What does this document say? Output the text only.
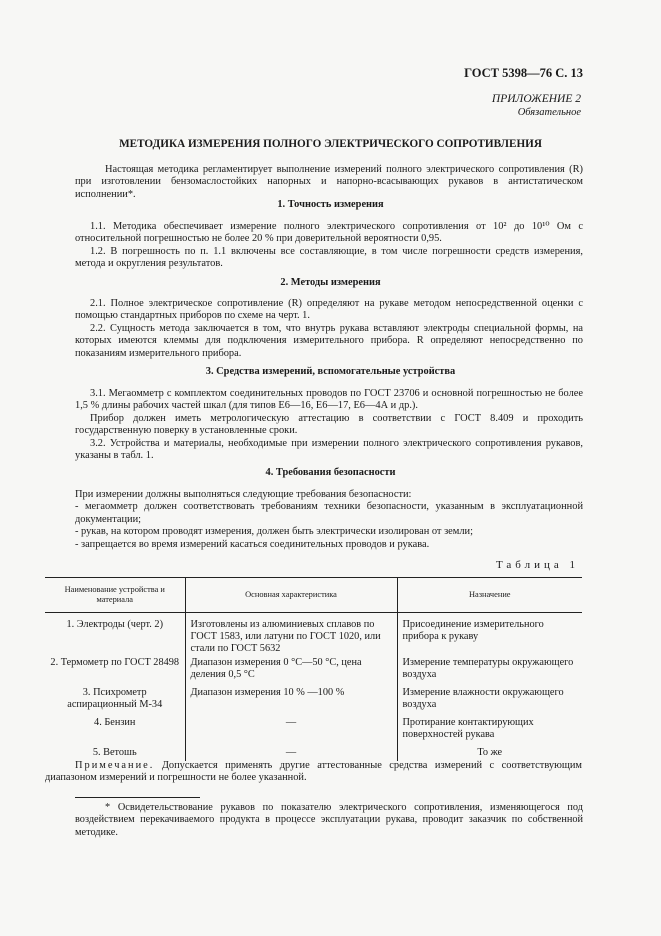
ГОСТ 5398—76 С. 13
ПРИЛОЖЕНИЕ 2
Обязательное
МЕТОДИКА ИЗМЕРЕНИЯ ПОЛНОГО ЭЛЕКТРИЧЕСКОГО СОПРОТИВЛЕНИЯ

Настоящая методика регламентирует выполнение измерений полного электрического сопротивления (R) при изготовлении бензомаслостойких напорных и напорно-всасывающих рукавов в антистатическом исполнении*.

1. Точность измерения

1.1. Методика обеспечивает измерение полного электрического сопротивления от 10² до 10¹⁰ Ом с относительной погрешностью не более 20 % при доверительной вероятности 0,95.

1.2. В погрешность по п. 1.1 включены все составляющие, в том числе погрешности средств измерения, метода и округления результатов.

2. Методы измерения

2.1. Полное электрическое сопротивление (R) определяют на рукаве методом непосредственной оценки с помощью стандартных приборов по схеме на черт. 1.

2.2. Сущность метода заключается в том, что внутрь рукава вставляют электроды специальной формы, на которых имеются клеммы для подключения измерительного прибора. R определяют непосредственно по показаниям измерительного прибора.

3. Средства измерений, вспомогательные устройства

3.1. Мегаомметр с комплектом соединительных проводов по ГОСТ 23706 и основной погрешностью не более 1,5 % длины рабочих частей шкал (для типов Е6—16, Е6—17, Е6—4А и др.).

Прибор должен иметь метрологическую аттестацию в соответствии с ГОСТ 8.409 и проходить государственную поверку в установленные сроки.

3.2. Устройства и материалы, необходимые при измерении полного электрического сопротивления рукавов, указаны в табл. 1.

4. Требования безопасности

При измерении должны выполняться следующие требования безопасности:

- мегаомметр должен соответствовать требованиям техники безопасности, указанным в эксплуатационной документации;

- рукав, на котором проводят измерения, должен быть электрически изолирован от земли;

- запрещается во время измерений касаться соединительных проводов и рукава.

Таблица 1
Наименование устройства и материала	Основная характеристика	Назначение
1. Электроды (черт. 2)	Изготовлены из алюминиевых сплавов по ГОСТ 1583, или латуни по ГОСТ 1020, или стали по ГОСТ 5632	Присоединение измерительного прибора к рукаву
2. Термометр по ГОСТ 28498	Диапазон измерения 0 °С—50 °С, цена деления 0,5 °С	Измерение температуры окружающего воздуха
3. Психрометр аспирационный М-34	Диапазон измерения 10 % —100 %	Измерение влажности окружающего воздуха
4. Бензин	—	Протирание контактирующих поверхностей рукава
5. Ветошь	—	То же
Примечание. Допускается применять другие аттестованные средства измерений с соответствующим диапазоном измерений и погрешности не более указанной.

* Освидетельствование рукавов по показателю электрического сопротивления, изменяющегося под воздействием перекачиваемого продукта в процессе эксплуатации рукава, проводит заказчик по собственной методике.
